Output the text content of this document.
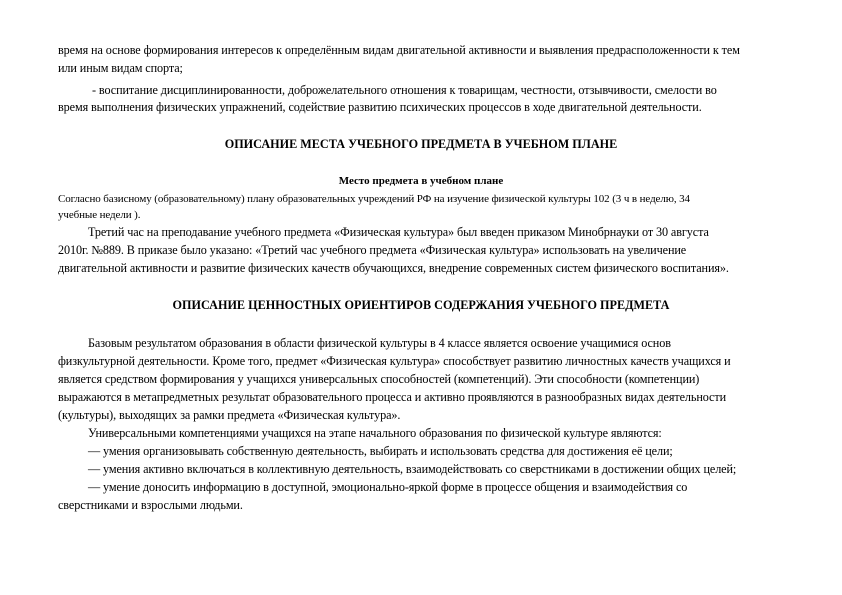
время на основе формирования интересов к определённым видам двигательной активности и выявления предрасположенности к тем
или иным видам спорта;
- воспитание дисциплинированности, доброжелательного отношения к товарищам, честности, отзывчивости, смелости во
время выполнения физических упражнений, содействие развитию психических процессов в ходе двигательной деятельности.
ОПИСАНИЕ МЕСТА УЧЕБНОГО ПРЕДМЕТА В УЧЕБНОМ ПЛАНЕ
Место предмета в учебном плане
Согласно базисному (образовательному) плану образовательных учреждений РФ на изучение физической культуры 102 (3 ч в неделю, 34
учебные недели ).
Третий час на преподавание учебного предмета «Физическая культура» был введен приказом Минобрнауки от 30 августа
2010г. №889. В приказе было указано: «Третий час учебного предмета «Физическая культура» использовать на увеличение
двигательной активности и развитие физических качеств обучающихся, внедрение современных систем физического воспитания».
ОПИСАНИЕ ЦЕННОСТНЫХ ОРИЕНТИРОВ СОДЕРЖАНИЯ УЧЕБНОГО ПРЕДМЕТА
Базовым результатом образования в области физической культуры в 4 классе является освоение учащимися основ
физкультурной деятельности. Кроме того, предмет «Физическая культура» способствует развитию личностных качеств учащихся и
является средством формирования у учащихся универсальных способностей (компетенций). Эти способности (компетенции)
выражаются в метапредметных результат образовательного процесса и активно проявляются в разнообразных видах деятельности
(культуры), выходящих за рамки предмета «Физическая культура».
Универсальными компетенциями учащихся на этапе начального образования по физической культуре являются:
— умения организовывать собственную деятельность, выбирать и использовать средства для достижения её цели;
— умения активно включаться в коллективную деятельность, взаимодействовать со сверстниками в достижении общих целей;
— умение доносить информацию в доступной, эмоционально-яркой форме в процессе общения и взаимодействия со
сверстниками и взрослыми людьми.
